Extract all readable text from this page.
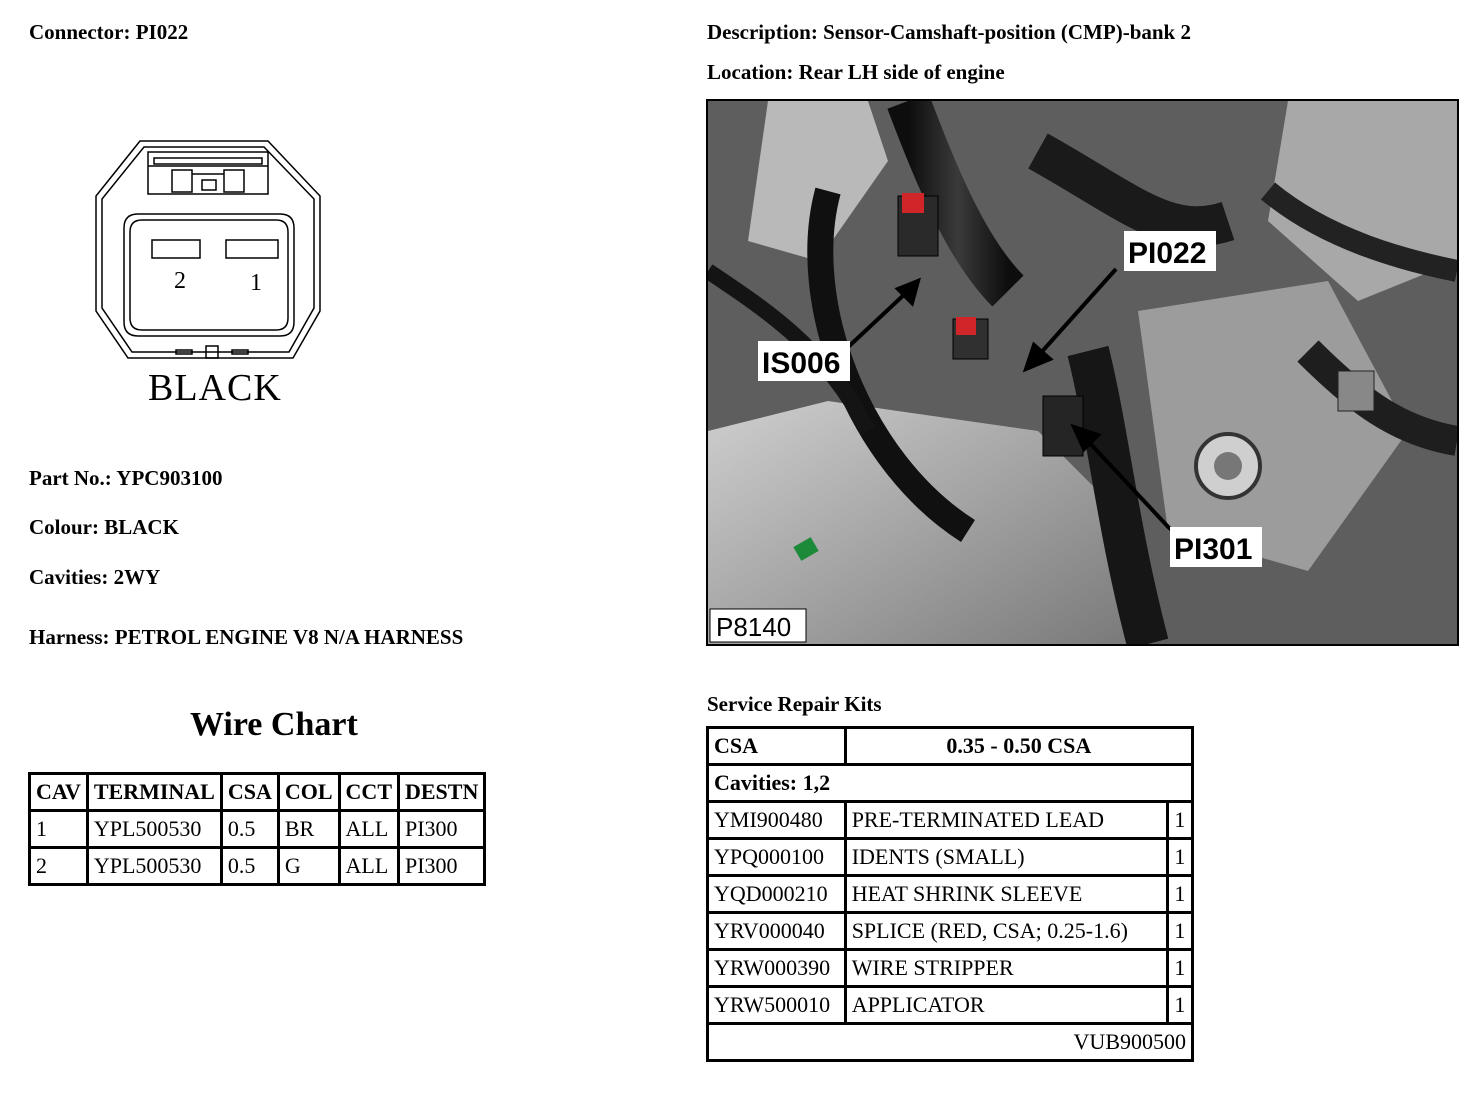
Connector: PI022	Description: Sensor-Camshaft-position (CMP)-bank 2
Location: Rear LH side of engine
2	1
BLACK
Part No.: YPC903100
Colour: BLACK
Cavities: 2WY
Harness: PETROL ENGINE V8 N/A HARNESS
Wire Chart
CAV	TERMINAL	CSA	COL	CCT	DESTN
1	YPL500530	0.5	BR	ALL	PI300
2	YPL500530	0.5	G	ALL	PI300
PI022
IS006
PI301
P8140
Service Repair Kits
CSA	0.35 - 0.50 CSA	
Cavities: 1,2		
YMI900480	PRE-TERMINATED LEAD	1
YPQ000100	IDENTS (SMALL)	1
YQD000210	HEAT SHRINK SLEEVE	1
YRV000040	SPLICE (RED, CSA; 0.25-1.6)	1
YRW000390	WIRE STRIPPER	1
YRW500010	APPLICATOR	1
VUB900500		
